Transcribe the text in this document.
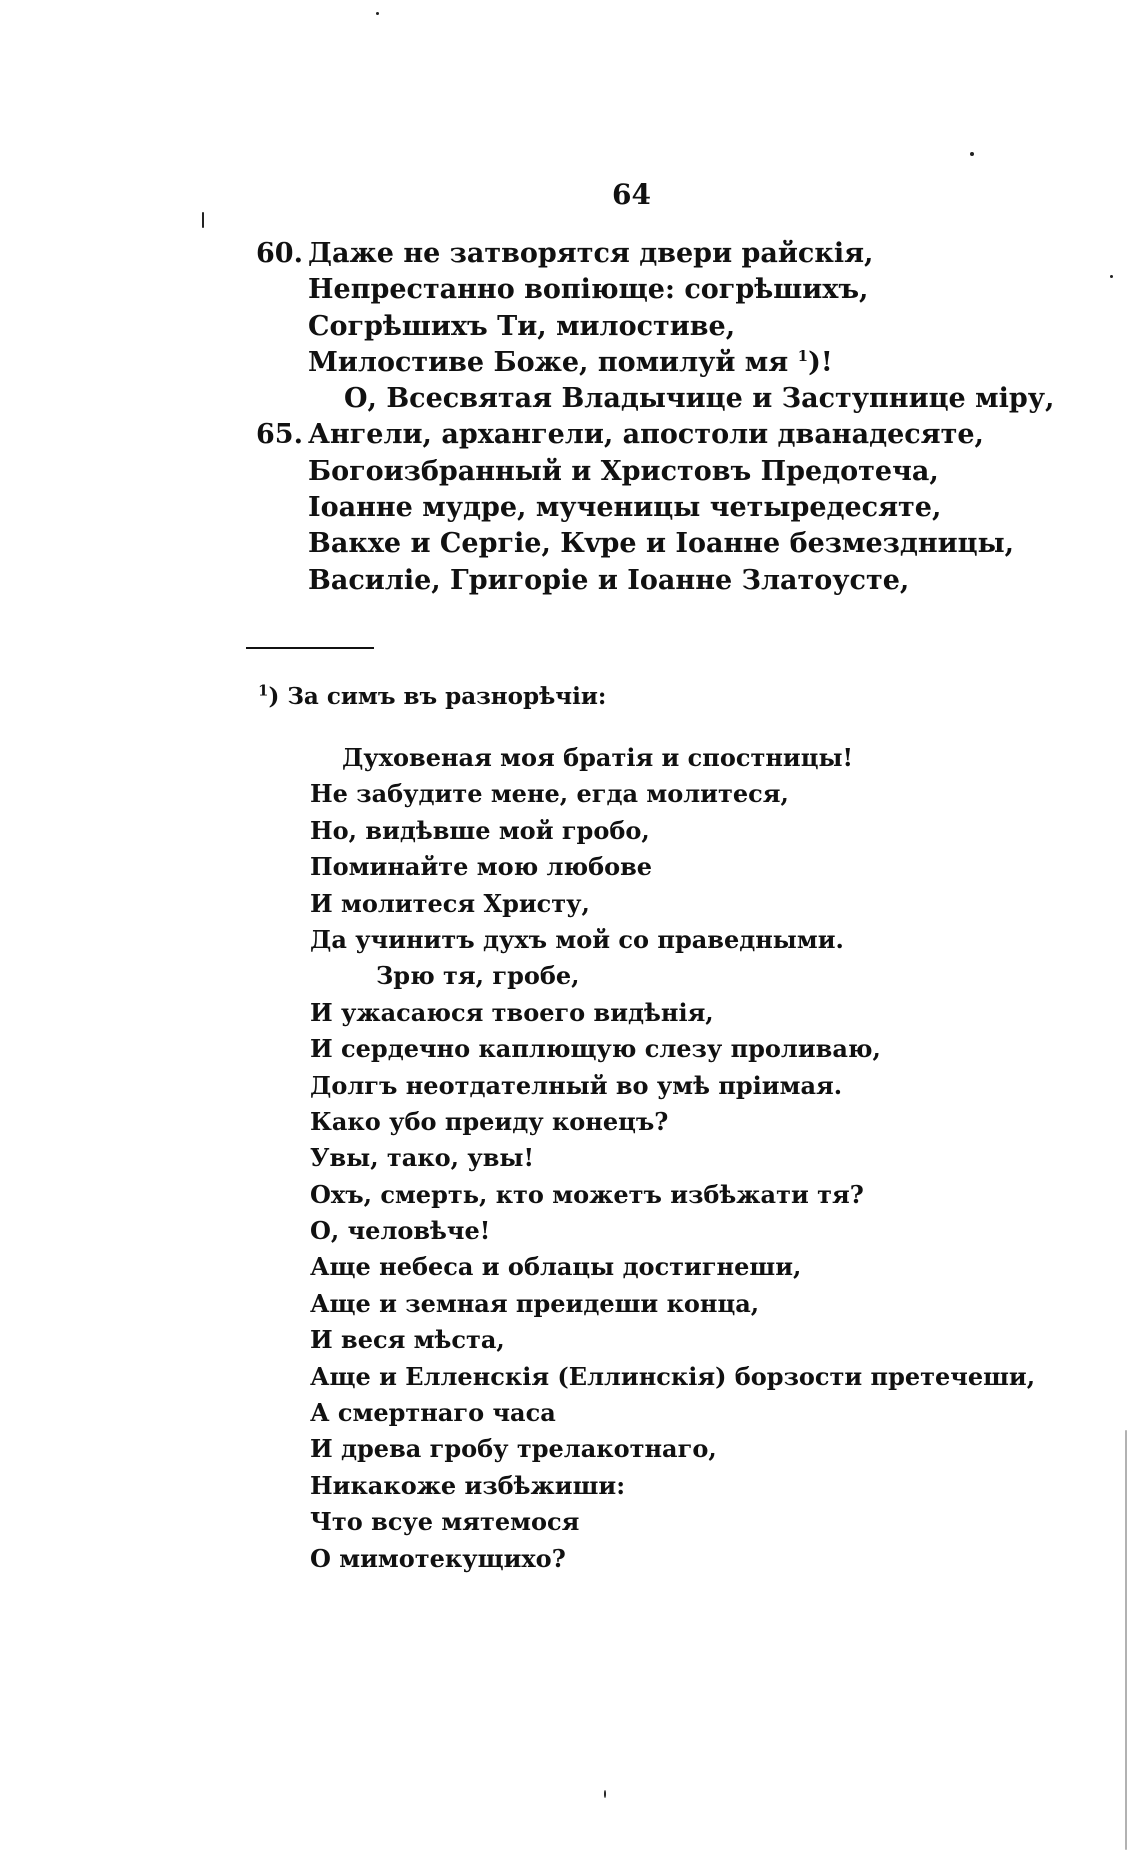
64
60. Даже не затворятся двери райскія,
Непрестанно вопіюще: согрѣшихъ,
Согрѣшихъ Ти, милостиве,
Милостиве Боже, помилуй мя $^1$)!
О, Всесвятая Владычице и Заступнице міру,
65. Ангели, архангели, апостоли дванадесяте,
Богоизбранный и Христовъ Предотеча,
Іоанне мудре, мученицы четыредесяте,
Вакхе и Сергіе, Кvре и Іоанне безмездницы,
Василіе, Григоріе и Іоанне Златоусте,
$^1$) За симъ въ разнорѣчіи:
Духовеная моя братія и спостницы!
Не забудите мене, егда молитеся,
Но, видѣвше мой гробо,
Поминайте мою любове
И молитеся Христу,
Да учинитъ духъ мой со праведными.
Зрю тя, гробе,
И ужасаюся твоего видѣнія,
И сердечно каплющую слезу проливаю,
Долгъ неотдателный во умѣ пріимая.
Како убо преиду конецъ?
Увы, тако, увы!
Охъ, смерть, кто можетъ избѣжати тя?
О, человѣче!
Аще небеса и облацы достигнеши,
Аще и земная преидеши конца,
И веся мѣста,
Аще и Елленскія (Еллинскія) борзости претечеши,
А смертнаго часа
И древа гробу трелакотнаго,
Никакоже избѣжиши:
Что всуе мятемося
О мимотекущихо?
